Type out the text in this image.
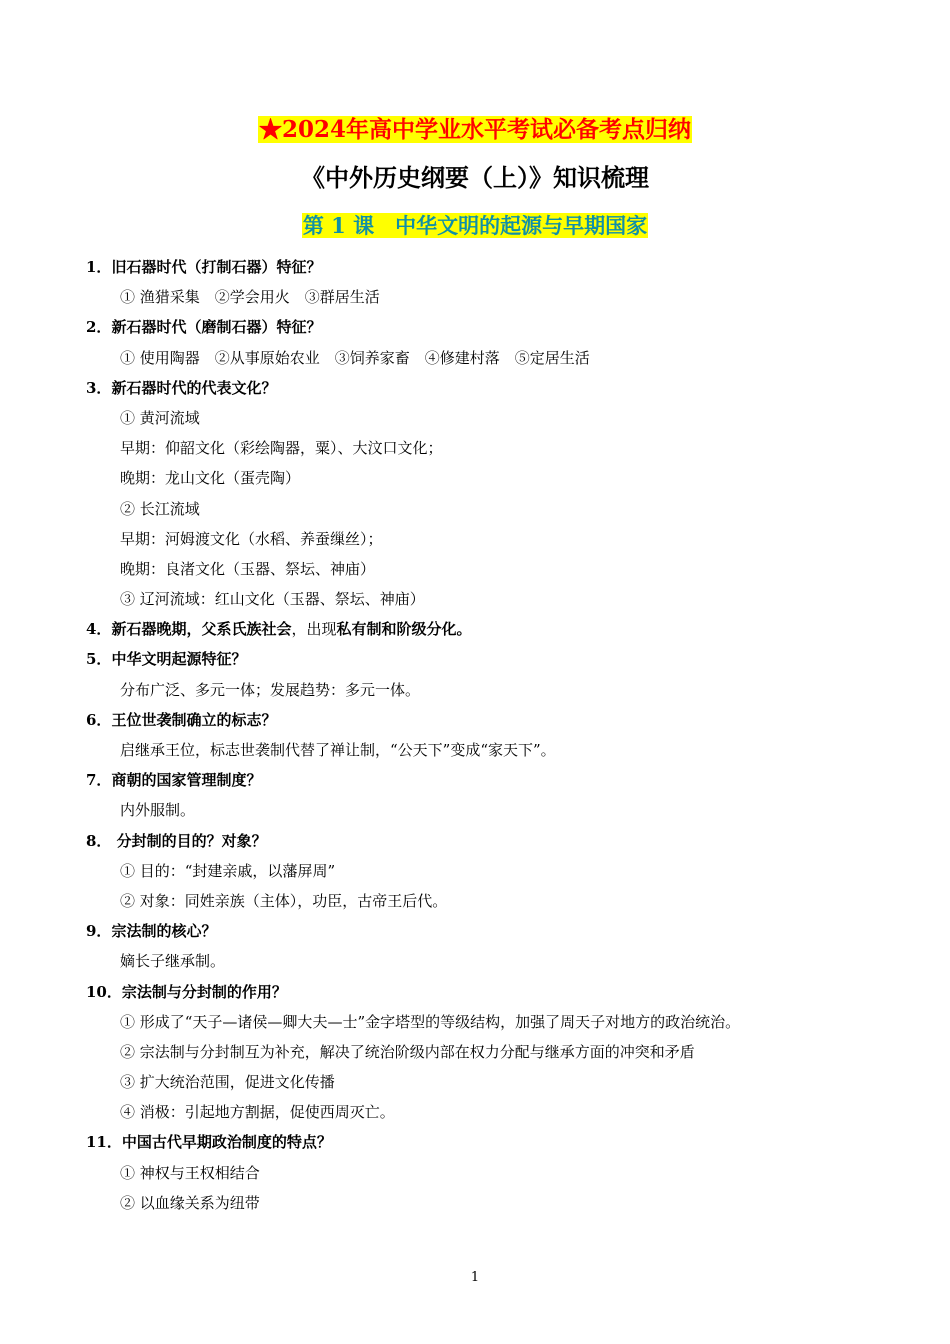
★2024年高中学业水平考试必备考点归纳
《中外历史纲要（上）》知识梳理
第 1 课　中华文明的起源与早期国家
1．旧石器时代（打制石器）特征？
① 渔猎采集　②学会用火　③群居生活
2．新石器时代（磨制石器）特征？
① 使用陶器　②从事原始农业　③饲养家畜　④修建村落　⑤定居生活
3．新石器时代的代表文化？
① 黄河流域
早期：仰韶文化（彩绘陶器，粟）、大汶口文化；
晚期：龙山文化（蛋壳陶）
② 长江流域
早期：河姆渡文化（水稻、养蚕缫丝）；
晚期：良渚文化（玉器、祭坛、神庙）
③ 辽河流域：红山文化（玉器、祭坛、神庙）
4．新石器晚期，父系氏族社会，出现私有制和阶级分化。
5．中华文明起源特征？
分布广泛、多元一体；发展趋势：多元一体。
6．王位世袭制确立的标志？
启继承王位，标志世袭制代替了禅让制，“公天下”变成“家天下”。
7．商朝的国家管理制度？
内外服制。
8． 分封制的目的？对象？
① 目的：“封建亲戚，以藩屏周”
② 对象：同姓亲族（主体），功臣，古帝王后代。
9．宗法制的核心？
嫡长子继承制。
10．宗法制与分封制的作用？
① 形成了“天子—诸侯—卿大夫—士”金字塔型的等级结构，加强了周天子对地方的政治统治。
② 宗法制与分封制互为补充，解决了统治阶级内部在权力分配与继承方面的冲突和矛盾
③ 扩大统治范围，促进文化传播
④ 消极：引起地方割据，促使西周灭亡。
11．中国古代早期政治制度的特点？
① 神权与王权相结合
② 以血缘关系为纽带
1
